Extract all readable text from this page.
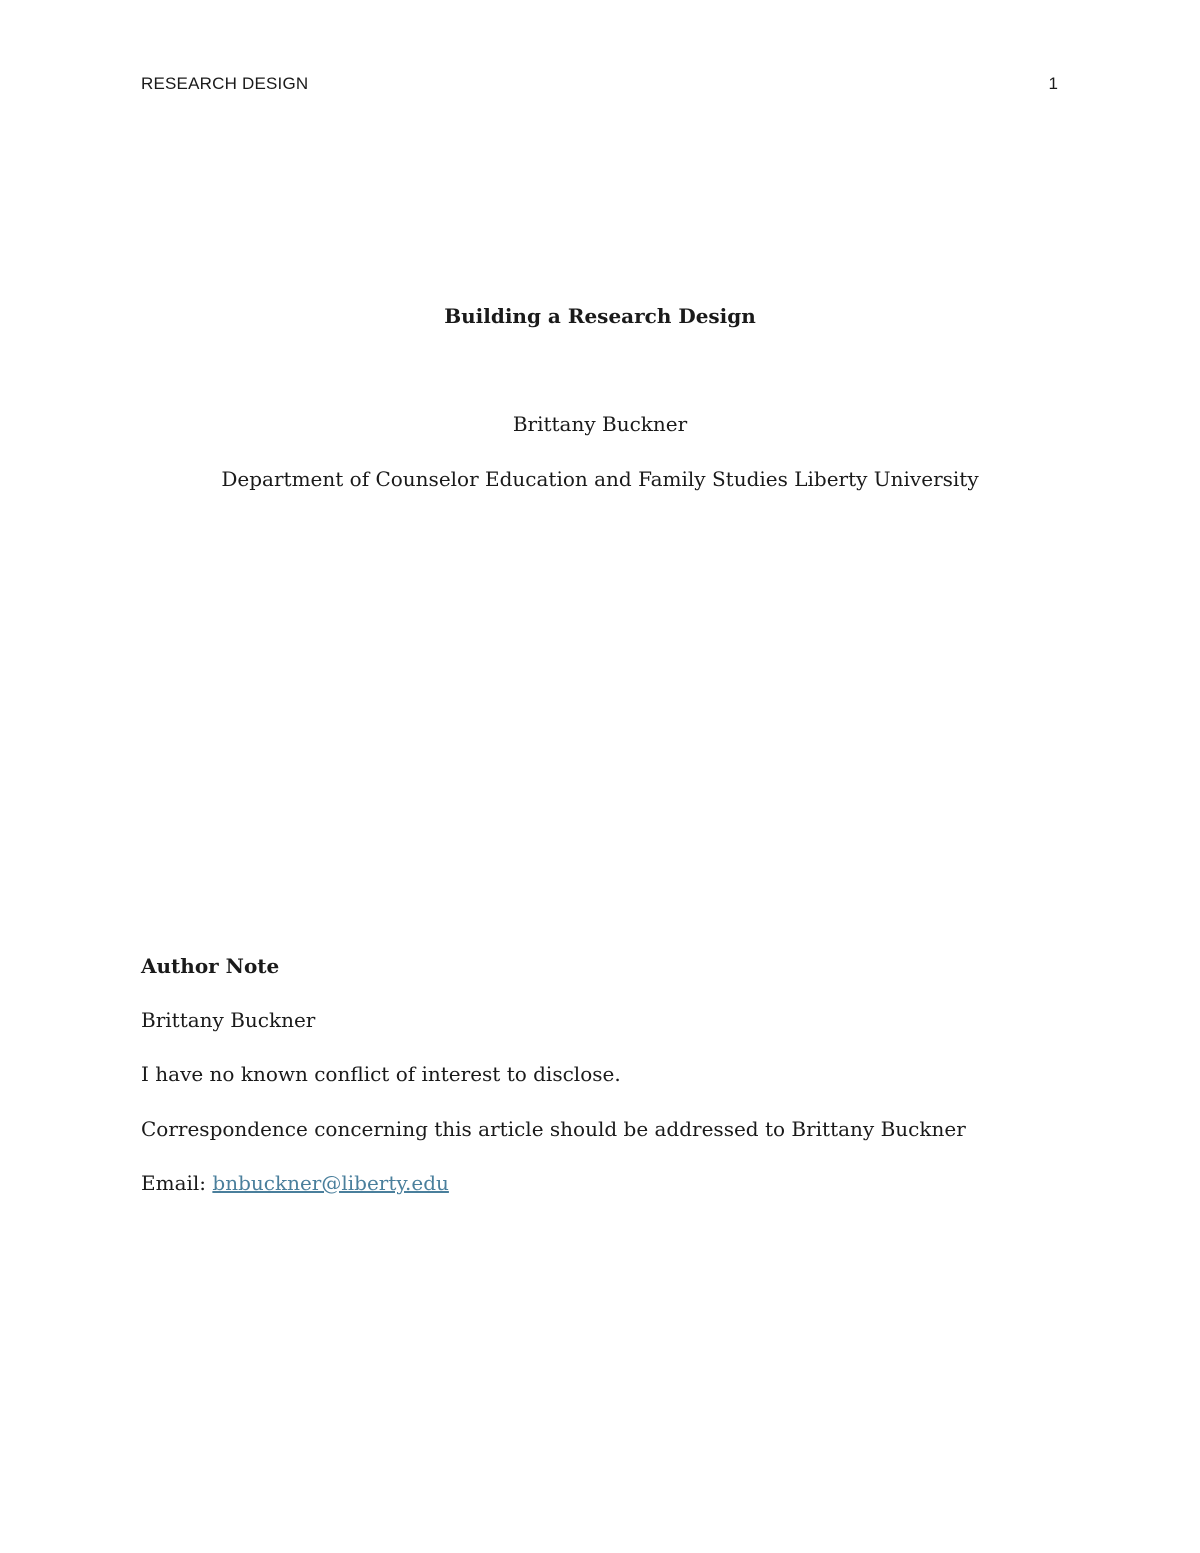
RESEARCH DESIGN	1
Building a Research Design
Brittany Buckner
Department of Counselor Education and Family Studies Liberty University
Author Note
Brittany Buckner
I have no known conflict of interest to disclose.
Correspondence concerning this article should be addressed to Brittany Buckner
Email: bnbuckner@liberty.edu
